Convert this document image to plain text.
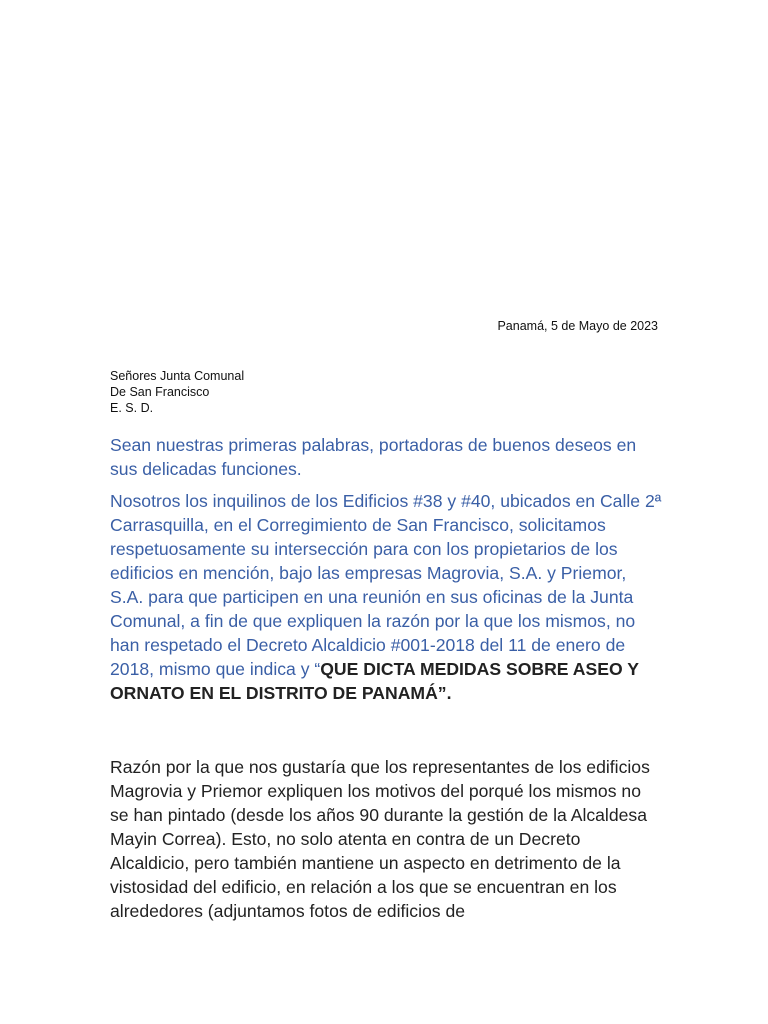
Panamá, 5 de Mayo de 2023
Señores Junta Comunal
De San Francisco
E. S. D.

Sean nuestras primeras palabras, portadoras de buenos deseos en sus delicadas funciones.

Nosotros los inquilinos de los Edificios #38 y #40, ubicados en Calle 2ª Carrasquilla, en el Corregimiento de San Francisco, solicitamos respetuosamente su intersección para con los propietarios de los edificios en mención, bajo las empresas Magrovia, S.A. y Priemor, S.A. para que participen en una reunión en sus oficinas de la Junta Comunal, a fin de que expliquen la razón por la que los mismos, no han respetado el Decreto Alcaldicio #001-2018 del 11 de enero de 2018, mismo que indica y “QUE DICTA MEDIDAS SOBRE ASEO Y ORNATO EN EL DISTRITO DE PANAMÁ”.

Razón por la que nos gustaría que los representantes de los edificios Magrovia y Priemor expliquen los motivos del porqué los mismos no se han pintado (desde los años 90 durante la gestión de la Alcaldesa Mayin Correa). Esto, no solo atenta en contra de un Decreto Alcaldicio, pero también mantiene un aspecto en detrimento de la vistosidad del edificio, en relación a los que se encuentran en los alrededores (adjuntamos fotos de edificios de
